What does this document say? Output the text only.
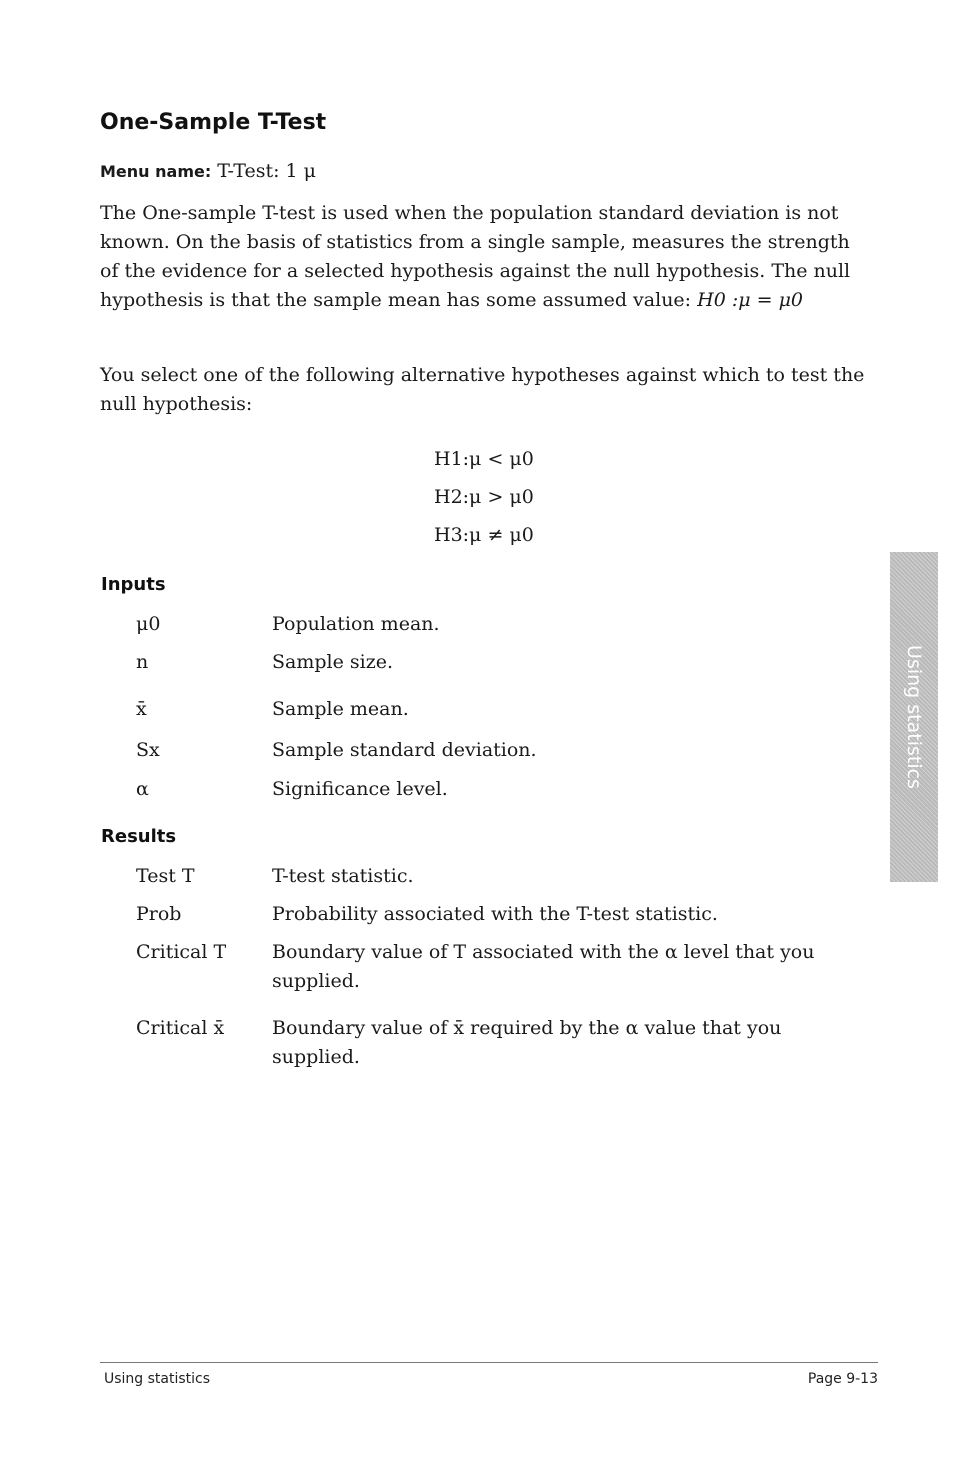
One-Sample T-Test
Menu name: T-Test: 1 μ

The One-sample T-test is used when the population standard deviation is not known. On the basis of statistics from a single sample, measures the strength of the evidence for a selected hypothesis against the null hypothesis. The null hypothesis is that the sample mean has some assumed value: H0 :μ = μ0

You select one of the following alternative hypotheses against which to test the null hypothesis:

H1:μ < μ0
H2:μ > μ0
H3:μ ≠ μ0
Inputs
μ0	Population mean.
n	Sample size.
x̄	Sample mean.
Sx	Sample standard deviation.
α	Significance level.
Results
Test T	T-test statistic.
Prob	Probability associated with the T-test statistic.
Critical T	Boundary value of T associated with the α level that you supplied.
Critical x̄	Boundary value of x̄ required by the α value that you supplied.
Using statistics
Using statistics	Page 9-13
